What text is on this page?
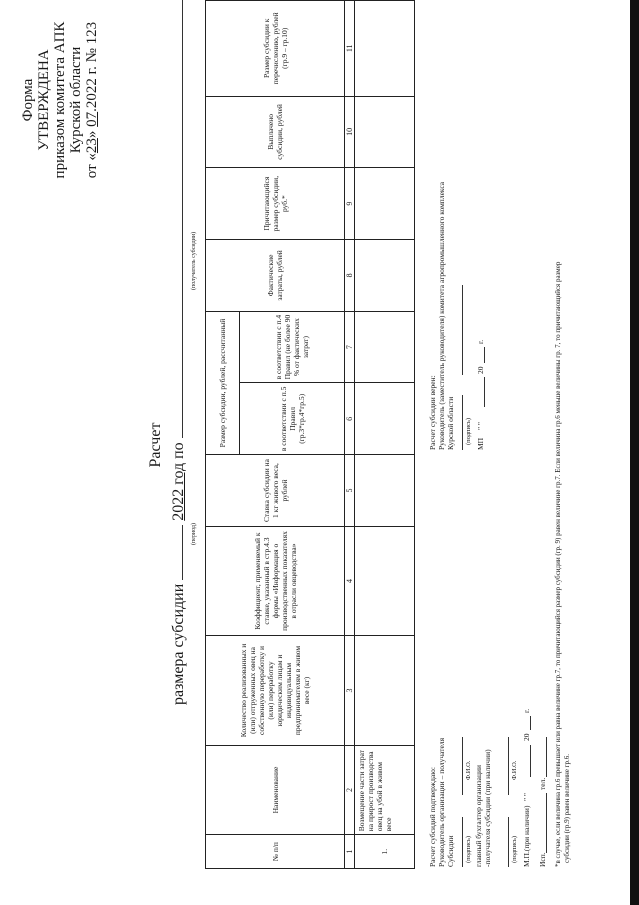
Форма УТВЕРЖДЕНА приказом комитета АПК Курской области
от «23» 07.2022 г. № 123
Расчет
размера субсидии  2022 год по
(период)
(получатель субсидии)
№ п/п	Наименование	Количество реализованных и (или) отгруженных овец на собственную переработку и (или) переработку юридическим лицам и индивидуальным предпринимателям в живом весе (кг)	Коэффициент, применяемый к ставке, указанный в стр.4.3 формы «Информация о производственных показателях в отрасли овцеводства»	Ставка субсидии на 1 кг живого веса, рублей	Размер субсидии, рублей, рассчитанный		Фактические затраты, рублей	Причитающийся размер субсидии, руб.*	Выплачено субсидии, рублей	Размер субсидии к перечислению, рублей (гр.9 – гр.10)
					в соответствии с п.5 Правил (гр.3*гр.4*гр.5)	в соответствии с п.4 Правил (не более 90 % от фактических затрат)				
1	2	3	4	5	6	7	8	9	10	11
1.	Возмещение части затрат на прирост производства овец на убой в живом весе										Расчет субсидий подтверждаю: Руководитель организации – получателя Субсидии (подпись)
Ф.И.О. главный бухгалтер организации -получателя субсидии (при наличии)	(подпись)
Ф.И.О.
М.П.(при наличии)
" "
20
г.
Исп.
тел.
Расчет субсидии верен: Руководитель (заместитель руководителя) комитета агропромышленного комплекса Курской области (подпись) МП
" "
20
г.	*в случае, если величина гр.6 превышает или равна величине гр.7, то причитающийся размер субсидии (гр. 9) равен величине гр.7. Если величина гр.6 меньше величины гр. 7, то причитающийся размер субсидии (гр.9) равен величине гр.6.
